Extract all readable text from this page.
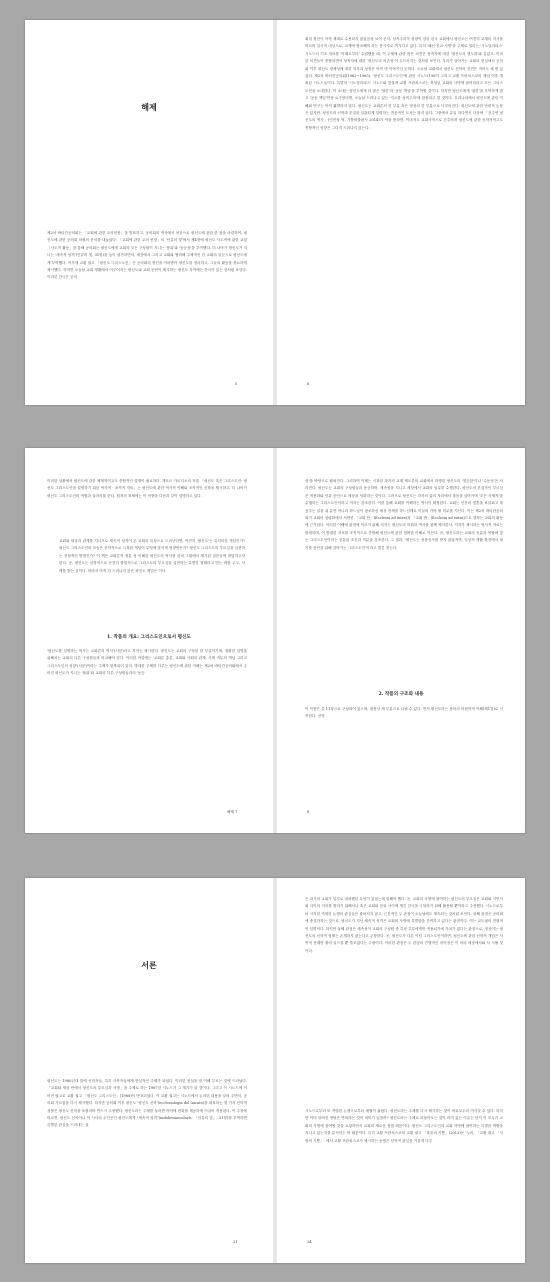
해제
제2차 바티칸공의회는 「교회에 관한 교의헌장」을 발표하고, 공의회의 역사에서 처음으로 평신도에 관한 한 장을 마련하여, 평신도에 관한 공의회 차원의 문서를 내놓았다. 「교회에 관한 교의 헌장」의 '인류의 빛'에서 제4장에 평신도 사도직에 관한 교령 「사도직 활동」을 통해 공의회는 평신도에게 교회의 모든 구성원이 지니는 '품위'와 '동등성'을 부여했다. 더 나아가 평신도가 지니는 '세속적 성격'(인류의 빛, 31항)을 높이 평가하면서, 세상에서 그리고 교회와 협력해 주체적인 한 교회의 일꾼으로 평신도에게 부여했다. 이후에 교황 권고 「평신도 그리스도인」은 공의회의 정신을 이어받아 평신도를 정의하고, 그들의 활동을 중요하게 제시했다. 하지만 오늘날 교회 생활에서 이루어지는 평신도와 교회 문헌이 제시하는 평신도 사이에는 간극이 있는 것처럼 보인다. 이러한 간극은 공의
5
회의 정신이 아직 제대로 수용되지 않았음을 보여 준다. 성직주의적 성향이 강한 한국 교회에서 평신도는 여전히 교계의 지시를 따르며 일시적 대상으로, 교계에 협조해야 하는 봉사자로 여겨지고 있다. 특히 '쇄신-친교-사명'을 주제로 열리는 '시노달리타스' 시노드의 기초 자료를 '아래로부터' 수렴했을 때, 이 주제에 관한 많은 의견은 성직자에 대한 '평신도의 생도화'와 같았고, 이러한 의견들이 종합되면서 성직자에 대한 '평신도의 의존성'이 두드러지는 것처럼 보인다. 우리가 살아가는 교회의 현실에서 공의회 이후 평신도 정체성에 대한 지각과 성장은 아직 먼 이야기인 듯하다. 오늘날 교회에서 평신도 신학의 진전은 적어도 세 번 있었다. 제2차 바티칸공의회(1962~1965), '평신도 그리스도인'에 관한 시노드(1987) 그리고 교황 프란치스코의 재임 이후 개최된 시노드들이다. 특별히 '시노달리타스' 시노드와 맞물려 교황 프란치스코는 축성된 교회의 사명에 참여하라고 모든 그리스도인을 소대한다. 이 소대는 평신도에게 더 많은 '권한'과 '공동 책임'을 부여할 것이다. 하지만 평신도에게 '권한'을 부여하게 많고 '공동 책임'만을 요구한다면, 오늘날 드러나고 있는 '지오를 성직주의'에 함몰되고 말 것이다. 우리나라에서 평신도에 관한 이해와 연구는 아직 활발하지 않다. 평신도는 교회론의 한 부분 혹은 영성의 한 부분으로 다루어진다. 평신도에 관한 단편적 논문은 있지만, 평신도의 신학과 본질을 일관되게 설명하는 전문적인 도서는 많지 않다. 그중에서 유일 하다면서 다음에 「건주연 평신도의 역사」(인민성 역, 가톨릭출판사 2014)가 막을 뜻하면, 이마저도 교회사적으로 간추려져 평신도에 관한 신학적이고도 종합적인 성향은 그다지 드러나지 않는다.
6
이러한 상황에서 평신도에 관한 체계적이고도 종합적인 설명이 필요하다. 개르르 카르디오의 저술 「평신도 혹은 그리스도인: 평신도 그리스도인을 설명하기 위한 역사적 · 조직적 자료」는 평신도에 관한 역사적 이해와 조직적인 신학을 제시하고, 더 나아가 평신도 그리스도인의 역할과 실마리를 준다. 원저의 표제에는 이 작품을 다음과 같이 설명하고 있다.
교회와 세상과 관계를 지니므로 세속적 성격이 존 교회의 특성으로 드러난다면, 여전히 '평신도'는 유의미한 개념인가? 평신도 그리스도인의 모습은 신학적으로 극복된 개념이 무엇에 맞서게 영향받은가? 평신도 그리스도의 부르심을 실현하는 전형적인 방법인가? 이 책은 교회론적 정통 성 이해된 평신도의 역사를 살펴 그럼에서 제기된 질문들에 대답하고자 한다. 곧, 평신도는 신학적으로 은전히 합법적으로 그리스도의 부르심을 실현하는 특별한 형태라고 믿는 바를 주고, 사례를 받는 것이다. 따라서 아직 다 드러나지 않은 평신도 개념은 이다.
1. 작품의 개요: 그리스도인으로서 평신도
'평신도를 설명하는 역사는 교회론의 역사'(서문)라고 저자는 제시한다. 평신도는 교회의 구성된 한 부류이기에, 정확한 설명을 위해서는 교회의 다른 구성원들과 비교해야 한다. 이러한 작업에는 '교회론 총론, 교회와 사회의 관계, 사제 직무의 개념 그리고 그리스도인의 성향'(서문)이라는 주제가 함축되어 있다. 방대한 주제를 다루는 평신도에 관한 이해는 제2차 바티칸공의회에서 주어진 평신도가 지니는 '품위'와 교회의 다른 구성원들과의 '동등
해제 7
성'을 바탕으로 펼쳐진다. 그리하여 이제는 극복된 과거의 교계 제도론의 교회에서 과생된 평신도의 '열등함'이나 '수동성'은 사라진다. 평신도는 교회의 구성원들과 동등하며, 세속성을 지니고 세상에서 교회의 임무를 수행한다. 평신도의 본질적인 부르심은 적용화와 인류 공언으로 세상을 성화하는 것이다. 그러므로 평신도는 각자의 삶의 자리에서 복음을 살아가며 '모든 사제직'을 수행하는 그리스도인이라고 저자는 강조한다. 이를 통해 교회를 이해하는 방식이 확정된다. 교회는 인간의 영혼을 보살피고 복음주는 일을 위 분만 아니라 하느님이 창조하신 세상 전체를 하느님께로 이끌어 가야 할 의무를 지닌다. 이는 제2차 바티칸공의회가 교회의 성령화에서 서만한 「교회 안」(Ecclesia ad intra)과 「교회 밖」(Ecclesia ad extra)으로 향하는 교회의 활동에 근거한다. 이러한 이해에 관점에 이르기 위해 저자는 평신도의 어원과 역사를 함께 제시한다. 저자가 제시하는 역사적 자료는 방대하며, 이 방대한 자료를 조직적으로 종합해 평신도에 관한 정확한 이해로 이끈다. 곧, 평신도라는 교회의 신분과 역할에 맞는 그리스도인이라는 공통된 조건과 직분을 강조한다. 그 결과, '평신도는 성품성사를 받지 않았지만, 일상적 생활 환경에서 평기를 증언을 위해 살아가는 그리스도인'이라고 결론 짓는다.
2. 작품의 구조와 내용
이 작품은 총 11장으로 구성되어 있으며, 내용상 세 부분으로 나뉠 수 있다. 먼저 평신도라는 용어의 어원학적 이해(제1장)로 시작한다. 신약
8
서론
평신도는 1980년대 말에 신학자들, 특히 사목자들에게 현실적인 주제가 되었다. 이러한 현실을 잘 이해 부르는 것에 드러났다. 「교회와 세상 안에서 평신도의 부르심과 사명」을 주제로 하는 1987년 시노드가 그 계기가 된 것이다. 그리고 이 시노드에 이어진 권고로 교황 권고 「평신도 그리스도인」(1988)이 반포되었다. 이 교황 권고는 시노드에서 논의된 내용을 알려 주면서, 공의회 가르침을 다시 제시했다. 하지만 공의회 이후 평신도 '평신도 신학'(ecclesiologia del laicato)을 대표하는 몇 가지 신학적 성찰은 평신도 신학을 포괄하며 반드시 주장했다. 평신도라는 주제를 둘러싼 이야에 변화를 제공하게 이끌어 적용된다. 이 주장에 따르면, 평신도 신학이나 이 시사의 주인공인 평신도에게 "세속적 성격"(indolessaecularis, 「인류의 빛」, 31항)을 부여하면 특별한 관심을 드러내는 것
21
은 과거의 교회가 입지로 대처했던 무엇이 있었는데 말해야 했다. 곧, 교회의 사명에 참여하는 평신도의 부르심은 교회와 시민사회 사이의 거리를 좁히기 위해서나 혹은 교회와 문화 사이에 생긴 간극을 극복하기 위해 활용될 뿐이라고 주장했다. 시노드로부터 시작된 격렬한 논쟁의 관심들은 줄어지지 않고, 근본적인 두 관점이 오늘날에도 계속되는 것처럼 보인다. 첫째 관점은 공의회에 충실하자는 것으로, 평신도가 지닌 세속적 성격은 교회의 사명에 특별함을 간직하고 있다는 관점이다. 이는 교도권의 전형적인 설명이다. 하지만 둘째 관점은 세속성이 교회의 구성원 중 특정 부류에게만 적용되기에 가치가 없다는 관점으로, 정상이는 평신도의 신학적 형태는 존재하지 않는다고 주장한다. 곧, 평신도가 다른 이념 그리스도인이라면, 평신도에 관한 신학적 개념은 사목적 문제만 불러 일으킬 뿐 쓸모없다는 주장이다. 이러한 관점은 두 관점의 진행적인 차이점은 이 의의 세상에서와 서 시될 것이다.
시노드로부터 또 격렬한 논쟁으로부터 세월이 흘렀다. 평신도라는 주제를 다시 제시하는 것이 바로모두의 여겨질 수 있다. 하지만 이미 알려진 정답은 반복하는 것이 의미가 있을까? 평신도라는 주제로 되돌아오는 것이 의미 있는 이유는 단지 이 모두가 교회의 사명에 참여할 것을 요청하면서 교회의 새로운 성찰 때문이다. 평신도 그리스도인과 교회 사명에 참여하는 특별한 역할을 지니고 있는지를 분석하는 바 때문이다. 특히 교황 프란치스코의 교황 권고 「복음의 기쁨」(2013)은 '누의, 「교황 권고 「사랑의 기쁨」, 에서 교황 프란치스코가 제시하는 동명은 신학적 관심을 기울게 다루
24
